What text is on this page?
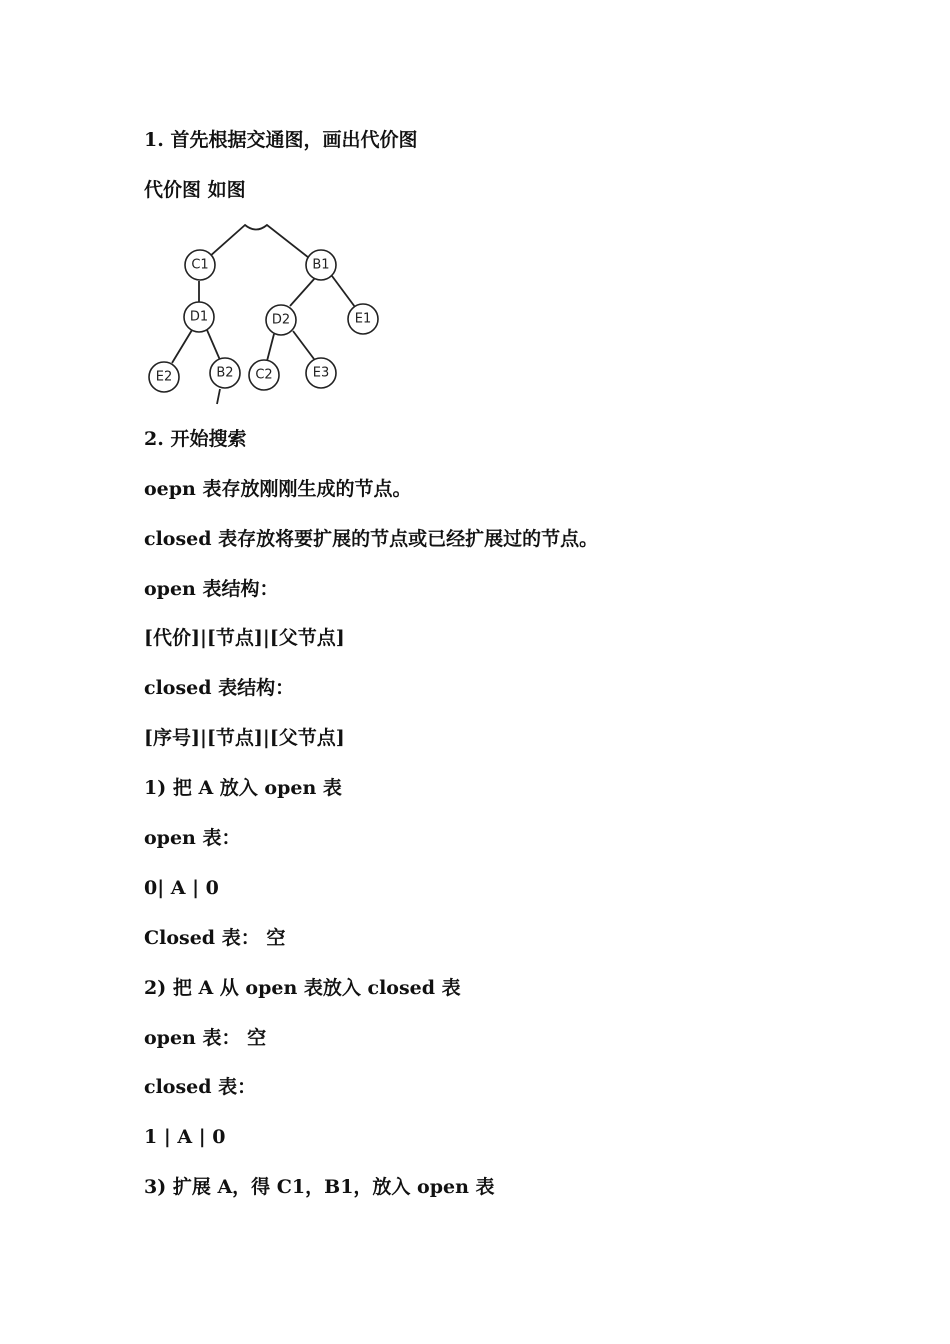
1. 首先根据交通图，画出代价图

代价图 如图

C1	B1
D1	D2	E1
E2	B2 C2	E3

2. 开始搜索

oepn 表存放刚刚生成的节点。

closed 表存放将要扩展的节点或已经扩展过的节点。

open 表结构：

[代价]|[节点]|[父节点]

closed 表结构：

[序号]|[节点]|[父节点]

1) 把 A 放入 open 表

open 表：

0| A | 0

Closed 表： 空

2) 把 A 从 open 表放入 closed 表

open 表： 空

closed 表：

1 | A | 0

3) 扩展 A，得 C1，B1，放入 open 表
